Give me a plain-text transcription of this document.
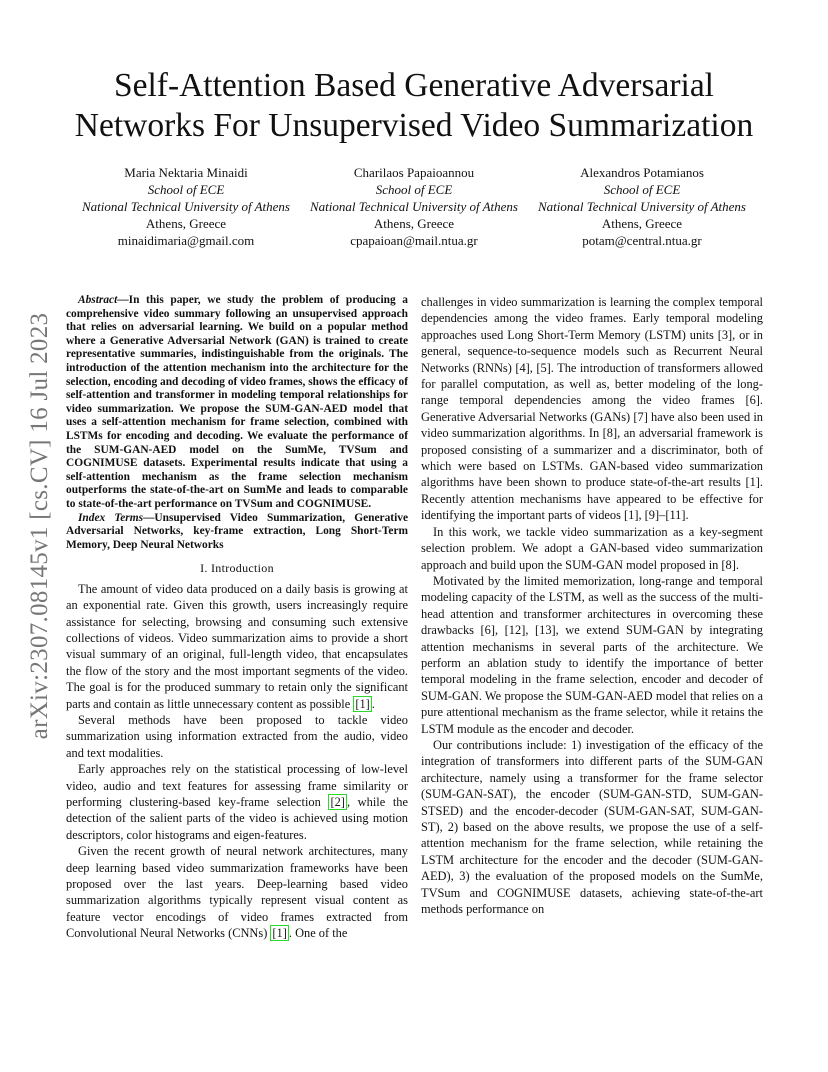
Self-Attention Based Generative Adversarial
Networks For Unsupervised Video Summarization
Maria Nektaria Minaidi
School of ECE
National Technical University of Athens
Athens, Greece
minaidimaria@gmail.com
Charilaos Papaioannou
School of ECE
National Technical University of Athens
Athens, Greece
cpapaioan@mail.ntua.gr
Alexandros Potamianos
School of ECE
National Technical University of Athens
Athens, Greece
potam@central.ntua.gr
arXiv:2307.08145v1 [cs.CV] 16 Jul 2023

Abstract—In this paper, we study the problem of producing a comprehensive video summary following an unsupervised approach that relies on adversarial learning. We build on a popular method where a Generative Adversarial Network (GAN) is trained to create representative summaries, indistinguishable from the originals. The introduction of the attention mechanism into the architecture for the selection, encoding and decoding of video frames, shows the efficacy of self-attention and transformer in modeling temporal relationships for video summarization. We propose the SUM-GAN-AED model that uses a self-attention mechanism for frame selection, combined with LSTMs for encoding and decoding. We evaluate the performance of the SUM-GAN-AED model on the SumMe, TVSum and COGNIMUSE datasets. Experimental results indicate that using a self-attention mechanism as the frame selection mechanism outperforms the state-of-the-art on SumMe and leads to comparable to state-of-the-art performance on TVSum and COGNIMUSE.

Index Terms—Unsupervised Video Summarization, Generative Adversarial Networks, key-frame extraction, Long Short-Term Memory, Deep Neural Networks

I. Introduction

The amount of video data produced on a daily basis is growing at an exponential rate. Given this growth, users increasingly require assistance for selecting, browsing and consuming such extensive collections of videos. Video summarization aims to provide a short visual summary of an original, full-length video, that encapsulates the flow of the story and the most important segments of the video. The goal is for the produced summary to retain only the significant parts and contain as little unnecessary content as possible [1] .

Several methods have been proposed to tackle video summarization using information extracted from the audio, video and text modalities.

Early approaches rely on the statistical processing of low-level video, audio and text features for assessing frame similarity or performing clustering-based key-frame selection [2] , while the detection of the salient parts of the video is achieved using motion descriptors, color histograms and eigen-features.

Given the recent growth of neural network architectures, many deep learning based video summarization frameworks have been proposed over the last years. Deep-learning based video summarization algorithms typically represent visual content as feature vector encodings of video frames extracted from Convolutional Neural Networks (CNNs) [1] . One of the

challenges in video summarization is learning the complex temporal dependencies among the video frames. Early temporal modeling approaches used Long Short-Term Memory (LSTM) units [3], or in general, sequence-to-sequence models such as Recurrent Neural Networks (RNNs) [4], [5]. The introduction of transformers allowed for parallel computation, as well as, better modeling of the long-range temporal dependencies among the video frames [6]. Generative Adversarial Networks (GANs) [7] have also been used in video summarization algorithms. In [8], an adversarial framework is proposed consisting of a summarizer and a discriminator, both of which were based on LSTMs. GAN-based video summarization algorithms have been shown to produce state-of-the-art results [1]. Recently attention mechanisms have appeared to be effective for identifying the important parts of videos [1], [9]–[11].

In this work, we tackle video summarization as a key-segment selection problem. We adopt a GAN-based video summarization approach and build upon the SUM-GAN model proposed in [8].

Motivated by the limited memorization, long-range and temporal modeling capacity of the LSTM, as well as the success of the multi-head attention and transformer architectures in overcoming these drawbacks [6], [12], [13], we extend SUM-GAN by integrating attention mechanisms in several parts of the architecture. We perform an ablation study to identify the importance of better temporal modeling in the frame selection, encoder and decoder of SUM-GAN. We propose the SUM-GAN-AED model that relies on a pure attentional mechanism as the frame selector, while it retains the LSTM module as the encoder and decoder.

Our contributions include: 1) investigation of the efficacy of the integration of transformers into different parts of the SUM-GAN architecture, namely using a transformer for the frame selector (SUM-GAN-SAT), the encoder (SUM-GAN-STD, SUM-GAN-STSED) and the encoder-decoder (SUM-GAN-SAT, SUM-GAN-ST), 2) based on the above results, we propose the use of a self-attention mechanism for the frame selection, while retaining the LSTM architecture for the encoder and the decoder (SUM-GAN-AED), 3) the evaluation of the proposed models on the SumMe, TVSum and COGNIMUSE datasets, achieving state-of-the-art methods performance on
